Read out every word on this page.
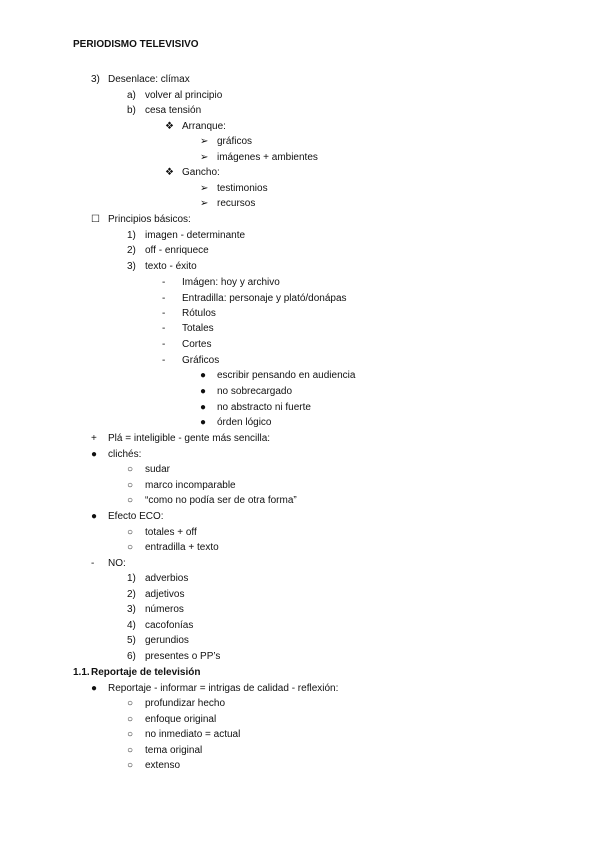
PERIODISMO TELEVISIVO
3) Desenlace: clímax
a) volver al principio
b) cesa tensión
❖ Arranque:
➢ gráficos
➢ imágenes + ambientes
❖ Gancho:
➢ testimonios
➢ recursos
☐ Principios básicos:
1) imagen - determinante
2) off - enriquece
3) texto - éxito
- Imágen: hoy y archivo
- Entradilla: personaje y plató/donápas
- Rótulos
- Totales
- Cortes
- Gráficos
● escribir pensando en audiencia
● no sobrecargado
● no abstracto ni fuerte
● órden lógico
+ Plá = inteligible - gente más sencilla:
● clichés:
○ sudar
○ marco incomparable
○ “como no podía ser de otra forma”
● Efecto ECO:
○ totales + off
○ entradilla + texto
- NO:
1) adverbios
2) adjetivos
3) números
4) cacofonías
5) gerundios
6) presentes o PP’s
1.1. Reportaje de televisión
● Reportaje - informar = intrigas de calidad - reflexión:
○ profundizar hecho
○ enfoque original
○ no inmediato = actual
○ tema original
○ extenso
